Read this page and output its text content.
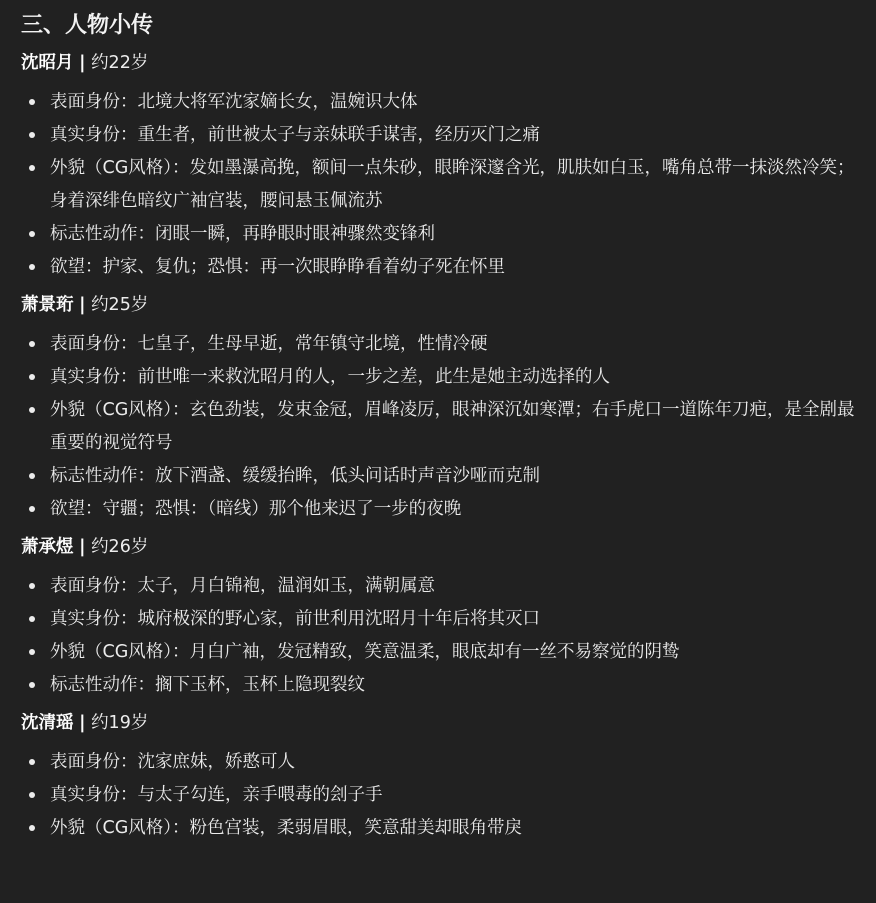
三、人物小传

沈昭月 | 约22岁

表面身份：北境大将军沈家嫡长女，温婉识大体
真实身份：重生者，前世被太子与亲妹联手谋害，经历灭门之痛
外貌（CG风格）：发如墨瀑高挽，额间一点朱砂，眼眸深邃含光，肌肤如白玉，嘴角总带一抹淡然冷笑；身着深绯色暗纹广袖宫装，腰间悬玉佩流苏
标志性动作：闭眼一瞬，再睁眼时眼神骤然变锋利
欲望：护家、复仇；恐惧：再一次眼睁睁看着幼子死在怀里

萧景珩 | 约25岁

表面身份：七皇子，生母早逝，常年镇守北境，性情冷硬
真实身份：前世唯一来救沈昭月的人，一步之差，此生是她主动选择的人
外貌（CG风格）：玄色劲装，发束金冠，眉峰凌厉，眼神深沉如寒潭；右手虎口一道陈年刀疤，是全剧最重要的视觉符号
标志性动作：放下酒盏、缓缓抬眸，低头问话时声音沙哑而克制
欲望：守疆；恐惧：（暗线）那个他来迟了一步的夜晚

萧承煜 | 约26岁

表面身份：太子，月白锦袍，温润如玉，满朝属意
真实身份：城府极深的野心家，前世利用沈昭月十年后将其灭口
外貌（CG风格）：月白广袖，发冠精致，笑意温柔，眼底却有一丝不易察觉的阴鸷
标志性动作：搁下玉杯，玉杯上隐现裂纹

沈清瑶 | 约19岁

表面身份：沈家庶妹，娇憨可人
真实身份：与太子勾连，亲手喂毒的刽子手
外貌（CG风格）：粉色宫装，柔弱眉眼，笑意甜美却眼角带戾
